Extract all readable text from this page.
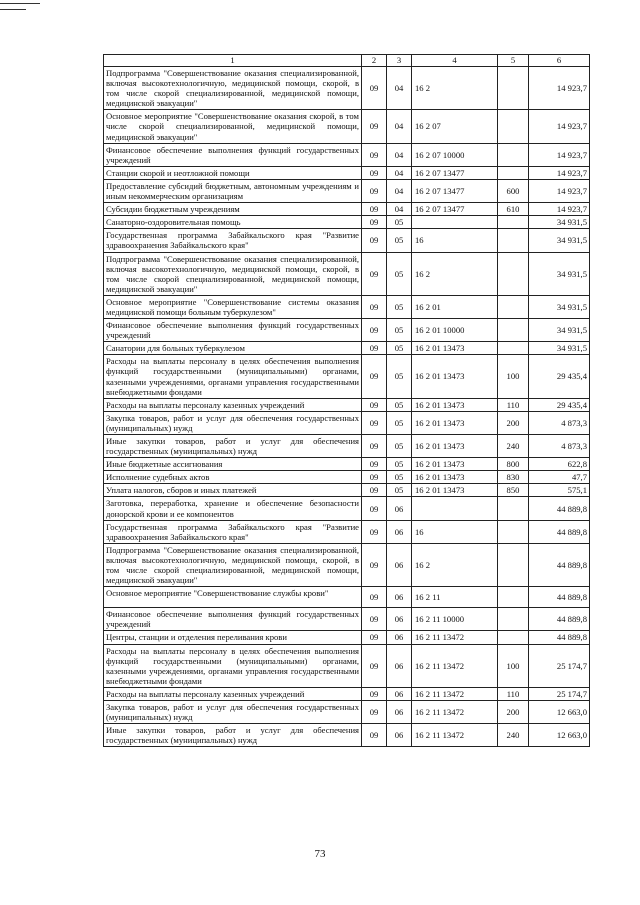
1	2	3	4	5	6
Подпрограмма "Совершенствование оказания специализированной, включая высокотехнологичную, медицинской помощи, скорой, в том числе скорой специализированной, медицинской помощи, медицинской эвакуации"	09	04	16 2		14 923,7
Основное мероприятие "Совершенствование оказания скорой, в том числе скорой специализированной, медицинской помощи, медицинской эвакуации"	09	04	16 2 07		14 923,7
Финансовое обеспечение выполнения функций государственных учреждений	09	04	16 2 07 10000		14 923,7
Станции скорой и неотложной помощи	09	04	16 2 07 13477		14 923,7
Предоставление субсидий бюджетным, автономным учреждениям и иным некоммерческим организациям	09	04	16 2 07 13477	600	14 923,7
Субсидии бюджетным учреждениям	09	04	16 2 07 13477	610	14 923,7
Санаторно-оздоровительная помощь	09	05			34 931,5
Государственная программа Забайкальского края "Развитие здравоохранения Забайкальского края"	09	05	16		34 931,5
Подпрограмма "Совершенствование оказания специализированной, включая высокотехнологичную, медицинской помощи, скорой, в том числе скорой специализированной, медицинской помощи, медицинской эвакуации"	09	05	16 2		34 931,5
Основное мероприятие "Совершенствование системы оказания медицинской помощи больным туберкулезом"	09	05	16 2 01		34 931,5
Финансовое обеспечение выполнения функций государственных учреждений	09	05	16 2 01 10000		34 931,5
Санатории для больных туберкулезом	09	05	16 2 01 13473		34 931,5
Расходы на выплаты персоналу в целях обеспечения выполнения функций государственными (муниципальными) органами, казенными учреждениями, органами управления государственными внебюджетными фондами	09	05	16 2 01 13473	100	29 435,4
Расходы на выплаты персоналу казенных учреждений	09	05	16 2 01 13473	110	29 435,4
Закупка товаров, работ и услуг для обеспечения государственных (муниципальных) нужд	09	05	16 2 01 13473	200	4 873,3
Иные закупки товаров, работ и услуг для обеспечения государственных (муниципальных) нужд	09	05	16 2 01 13473	240	4 873,3
Иные бюджетные ассигнования	09	05	16 2 01 13473	800	622,8
Исполнение судебных актов	09	05	16 2 01 13473	830	47,7
Уплата налогов, сборов и иных платежей	09	05	16 2 01 13473	850	575,1
Заготовка, переработка, хранение и обеспечение безопасности донорской крови и ее компонентов	09	06			44 889,8
Государственная программа Забайкальского края "Развитие здравоохранения Забайкальского края"	09	06	16		44 889,8
Подпрограмма "Совершенствование оказания специализированной, включая высокотехнологичную, медицинской помощи, скорой, в том числе скорой специализированной, медицинской помощи, медицинской эвакуации"	09	06	16 2		44 889,8
Основное мероприятие "Совершенствование службы крови"	09	06	16 2 11		44 889,8
Финансовое обеспечение выполнения функций государственных учреждений	09	06	16 2 11 10000		44 889,8
Центры, станции и отделения переливания крови	09	06	16 2 11 13472		44 889,8
Расходы на выплаты персоналу в целях обеспечения выполнения функций государственными (муниципальными) органами, казенными учреждениями, органами управления государственными внебюджетными фондами	09	06	16 2 11 13472	100	25 174,7
Расходы на выплаты персоналу казенных учреждений	09	06	16 2 11 13472	110	25 174,7
Закупка товаров, работ и услуг для обеспечения государственных (муниципальных) нужд	09	06	16 2 11 13472	200	12 663,0
Иные закупки товаров, работ и услуг для обеспечения государственных (муниципальных) нужд	09	06	16 2 11 13472	240	12 663,0
73
